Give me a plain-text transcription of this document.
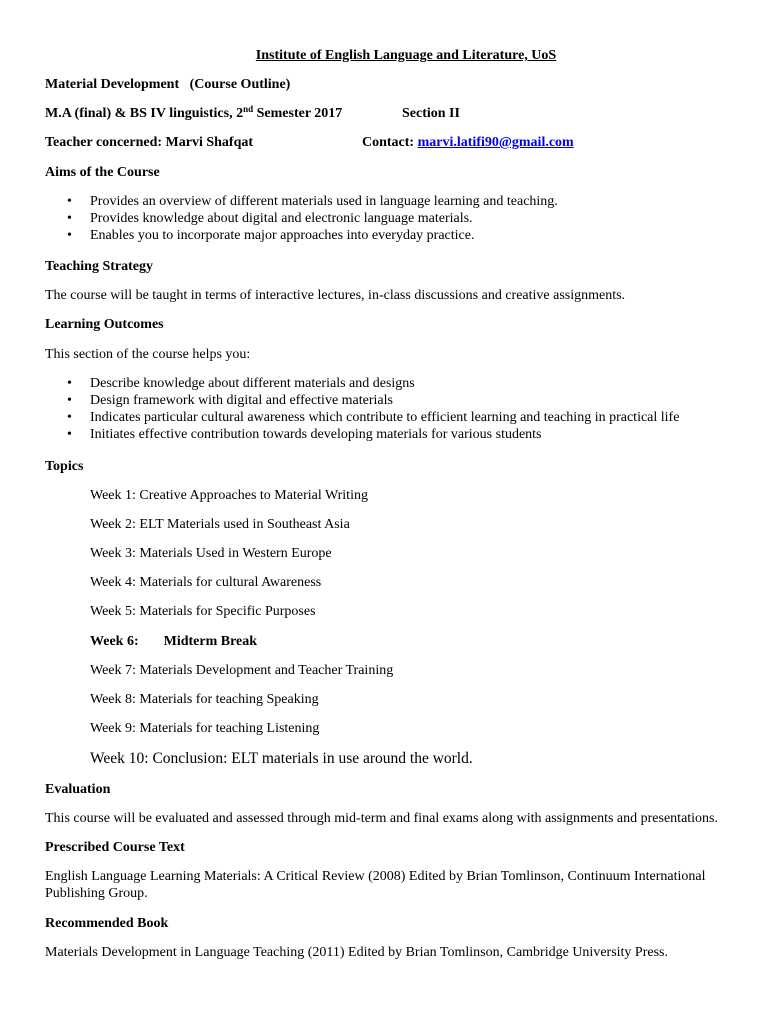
Institute of English Language and Literature, UoS
Material Development   (Course Outline)
M.A (final) & BS IV linguistics, 2nd Semester 2017	Section II
Teacher concerned: Marvi Shafqat	Contact: marvi.latifi90@gmail.com
Aims of the Course
• Provides an overview of different materials used in language learning and teaching.
• Provides knowledge about digital and electronic language materials.
• Enables you to incorporate major approaches into everyday practice.
Teaching Strategy
The course will be taught in terms of interactive lectures, in-class discussions and creative assignments.
Learning Outcomes
This section of the course helps you:
• Describe knowledge about different materials and designs
• Design framework with digital and effective materials
• Indicates particular cultural awareness which contribute to efficient learning and teaching in practical life
• Initiates effective contribution towards developing materials for various students
Topics
Week 1: Creative Approaches to Material Writing
Week 2: ELT Materials used in Southeast Asia
Week 3: Materials Used in Western Europe
Week 4: Materials for cultural Awareness
Week 5: Materials for Specific Purposes
Week 6: Midterm Break
Week 7: Materials Development and Teacher Training
Week 8: Materials for teaching Speaking
Week 9: Materials for teaching Listening
Week 10: Conclusion: ELT materials in use around the world.
Evaluation
This course will be evaluated and assessed through mid-term and final exams along with assignments and presentations.
Prescribed Course Text
English Language Learning Materials: A Critical Review (2008) Edited by Brian Tomlinson, Continuum International
Publishing Group.
Recommended Book
Materials Development in Language Teaching (2011) Edited by Brian Tomlinson, Cambridge University Press.
